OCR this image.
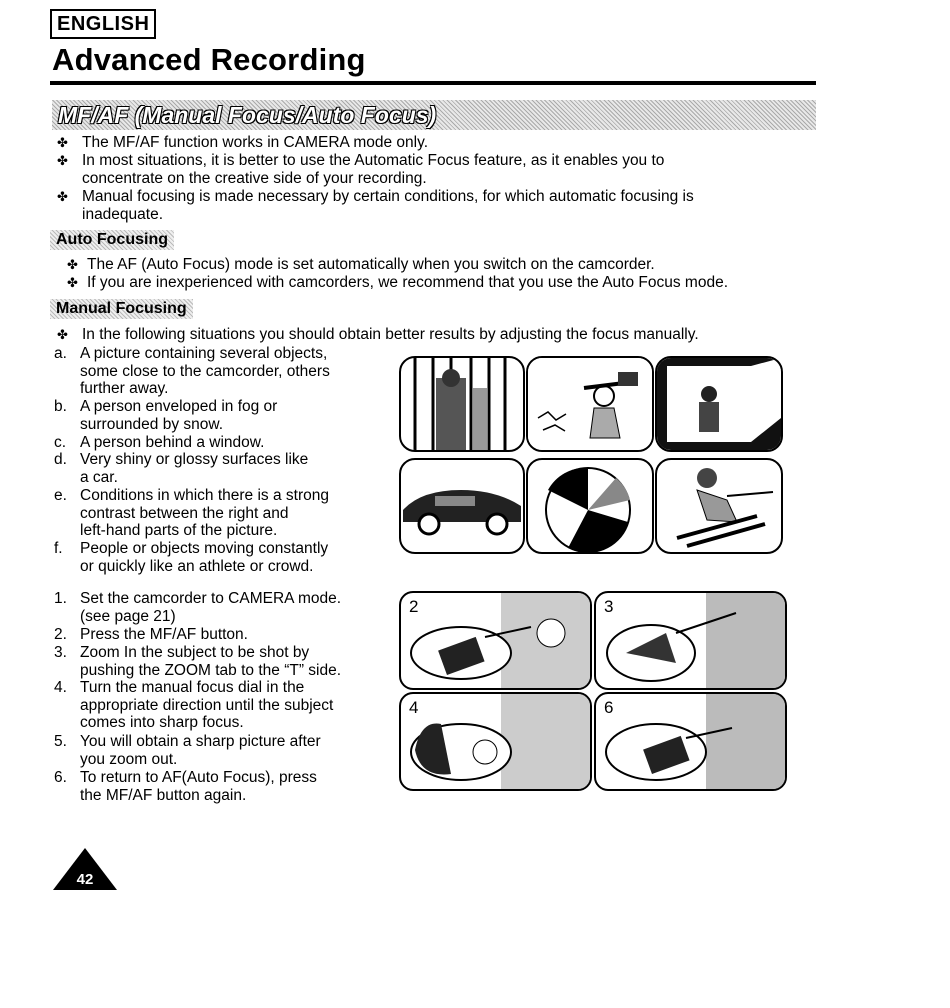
ENGLISH
Advanced Recording
MF/AF (Manual Focus/Auto Focus)
✤ The MF/AF function works in CAMERA mode only.
✤ In most situations, it is better to use the Automatic Focus feature, as it enables you to
concentrate on the creative side of your recording.
✤ Manual focusing is made necessary by certain conditions, for which automatic focusing is
inadequate.
Auto Focusing
✤ The AF (Auto Focus) mode is set automatically when you switch on the camcorder.
✤ If you are inexperienced with camcorders, we recommend that you use the Auto Focus mode.
Manual Focusing
✤ In the following situations you should obtain better results by adjusting the focus manually.
a. A picture containing several objects,
some close to the camcorder, others
further away.
b. A person enveloped in fog or
surrounded by snow.
c. A person behind a window.
d. Very shiny or glossy surfaces like
a car.
e. Conditions in which there is a strong
contrast between the right and
left-hand parts of the picture.
f. People or objects moving constantly
or quickly like an athlete or crowd.
1. Set the camcorder to CAMERA mode.
(see page 21)
2. Press the MF/AF button.
3. Zoom In the subject to be shot by
pushing the ZOOM tab to the “T” side.
4. Turn the manual focus dial in the
appropriate direction until the subject
comes into sharp focus.
5. You will obtain a sharp picture after
you zoom out.
6. To return to AF(Auto Focus), press
the MF/AF button again.
2	3
4	6
42
